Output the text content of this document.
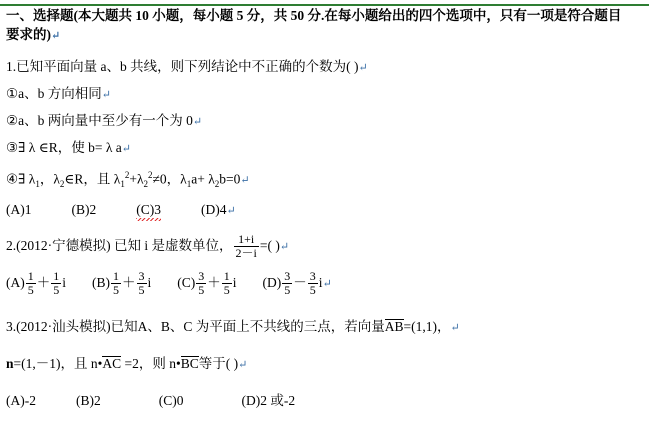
一、选择题(本大题共 10 小题，每小题 5 分，共 50 分.在每小题给出的四个选项中，只有一项是符合题目
要求的)↵
1.已知平面向量 a、b 共线，则下列结论中不正确的个数为( )↵
①a、b 方向相同↵
②a、b 两向量中至少有一个为 0↵
③∃ λ ∈R，使 b= λ a↵
④∃ $\lambda_1$，$\lambda_2\in R$，且 $\lambda_1^2+\lambda_2^2\ne 0$，$\lambda_1a+$ $\lambda_2b=0↵$
(A)1	(B)2	(C)3	(D)4↵
2.(2012·宁德模拟) 已知 i 是虚数单位， $\frac{1+i}{2-i}$ =( )↵
$(A) \frac{1}{5} + \frac{1}{5}$ i $(B) \frac{1}{5} + \frac{3}{5}$ i $(C) \frac{3}{5} + \frac{1}{5}$ i $(D) \frac{3}{5} - \frac{3}{5}$ i↵
3.(2012·汕头模拟)已知A、B、C 为平面上不共线的三点，若向量AB=(1,1)，↵
n=(1,－1)，且 n•AC =2，则 n•BC等于( )↵
(A)-2	(B)2	(C)0	(D)2 或-2
